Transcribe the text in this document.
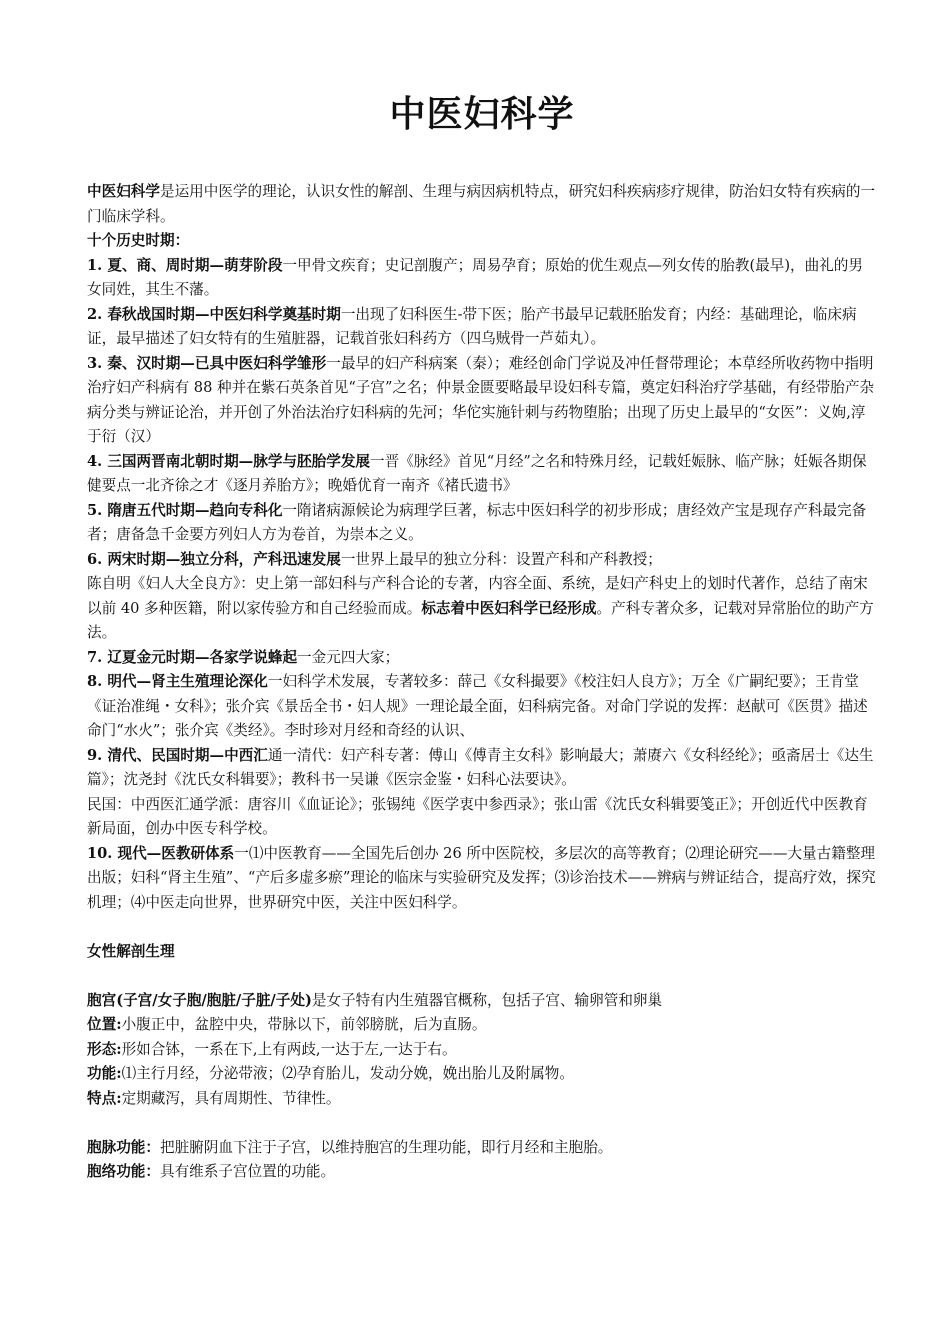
中医妇科学

中医妇科学是运用中医学的理论，认识女性的解剖、生理与病因病机特点，研究妇科疾病疹疗规律，防治妇女特有疾病的一门临床学科。

十个历史时期：

1. 夏、商、周时期—萌芽阶段一甲骨文疾育；史记剖腹产；周易孕育；原始的优生观点—列女传的胎教(最早)，曲礼的男女同姓，其生不藩。

2. 春秋战国时期—中医妇科学奠基时期一出现了妇科医生-带下医；胎产书最早记载胚胎发育；内经：基础理论，临床病证，最早描述了妇女特有的生殖脏器，记载首张妇科药方（四乌贼骨一芦茹丸）。

3. 秦、汉时期—已具中医妇科学雏形一最早的妇产科病案（秦）；难经创命门学说及冲任督带理论；本草经所收药物中指明治疗妇产科病有 88 种并在紫石英条首见“子宫”之名；仲景金匮要略最早设妇科专篇，奠定妇科治疗学基础，有经带胎产杂病分类与辨证论治，并开创了外治法治疗妇科病的先河；华佗实施针刺与药物堕胎；出现了历史上最早的“女医”：义姁,淳于衍（汉）

4. 三国两晋南北朝时期—脉学与胚胎学发展一晋《脉经》首见“月经”之名和特殊月经，记载妊娠脉、临产脉；妊娠各期保健要点一北齐徐之才《逐月养胎方》；晚婚优育一南齐《褚氏遗书》

5. 隋唐五代时期—趋向专科化一隋诸病源候论为病理学巨著，标志中医妇科学的初步形成；唐经效产宝是现存产科最完备者；唐备急千金要方列妇人方为卷首，为崇本之义。

6. 两宋时期—独立分科，产科迅速发展一世界上最早的独立分科：设置产科和产科教授；

陈自明《妇人大全良方》：史上第一部妇科与产科合论的专著，内容全面、系统，是妇产科史上的划时代著作，总结了南宋以前 40 多种医籍，附以家传验方和自己经验而成。标志着中医妇科学已经形成。产科专著众多，记载对异常胎位的助产方法。

7. 辽夏金元时期—各家学说蜂起一金元四大家；

8. 明代—肾主生殖理论深化一妇科学术发展，专著较多：薛己《女科撮要》《校注妇人良方》；万全《广嗣纪要》；王肯堂《证治准绳・女科》；张介宾《景岳全书・妇人规》一理论最全面，妇科病完备。对命门学说的发挥：赵献可《医贯》描述命门“水火”；张介宾《类经》。李时珍对月经和奇经的认识、

9. 清代、民国时期—中西汇通一清代：妇产科专著：傅山《傅青主女科》影响最大；萧赓六《女科经纶》；亟斋居士《达生篇》；沈尧封《沈氏女科辑要》；教科书一吴谦《医宗金鉴・妇科心法要诀》。

民国：中西医汇通学派：唐容川《血证论》；张锡纯《医学衷中参西录》；张山雷《沈氏女科辑要笺正》；开创近代中医教育新局面，创办中医专科学校。

10. 现代—医教研体系一⑴中医教育——全国先后创办 26 所中医院校，多层次的高等教育；⑵理论研究——大量古籍整理出版；妇科“肾主生殖”、“产后多虚多瘀”理论的临床与实验研究及发挥；⑶诊治技术——辨病与辨证结合，提高疗效，探究机理；⑷中医走向世界，世界研究中医，关注中医妇科学。

女性解剖生理

胞宫(子宫/女子胞/胞脏/子脏/子处)是女子特有内生殖器官概称，包括子宫、输卵管和卵巢

位置:小腹正中，盆腔中央，带脉以下，前邻膀胱，后为直肠。

形态:形如合钵，一系在下,上有两歧,一达于左,一达于右。

功能:⑴主行月经，分泌带液；⑵孕育胎儿，发动分娩，娩出胎儿及附属物。

特点:定期藏泻，具有周期性、节律性。

胞脉功能：把脏腑阴血下注于子宫，以维持胞宫的生理功能，即行月经和主胞胎。

胞络功能：具有维系子宫位置的功能。
